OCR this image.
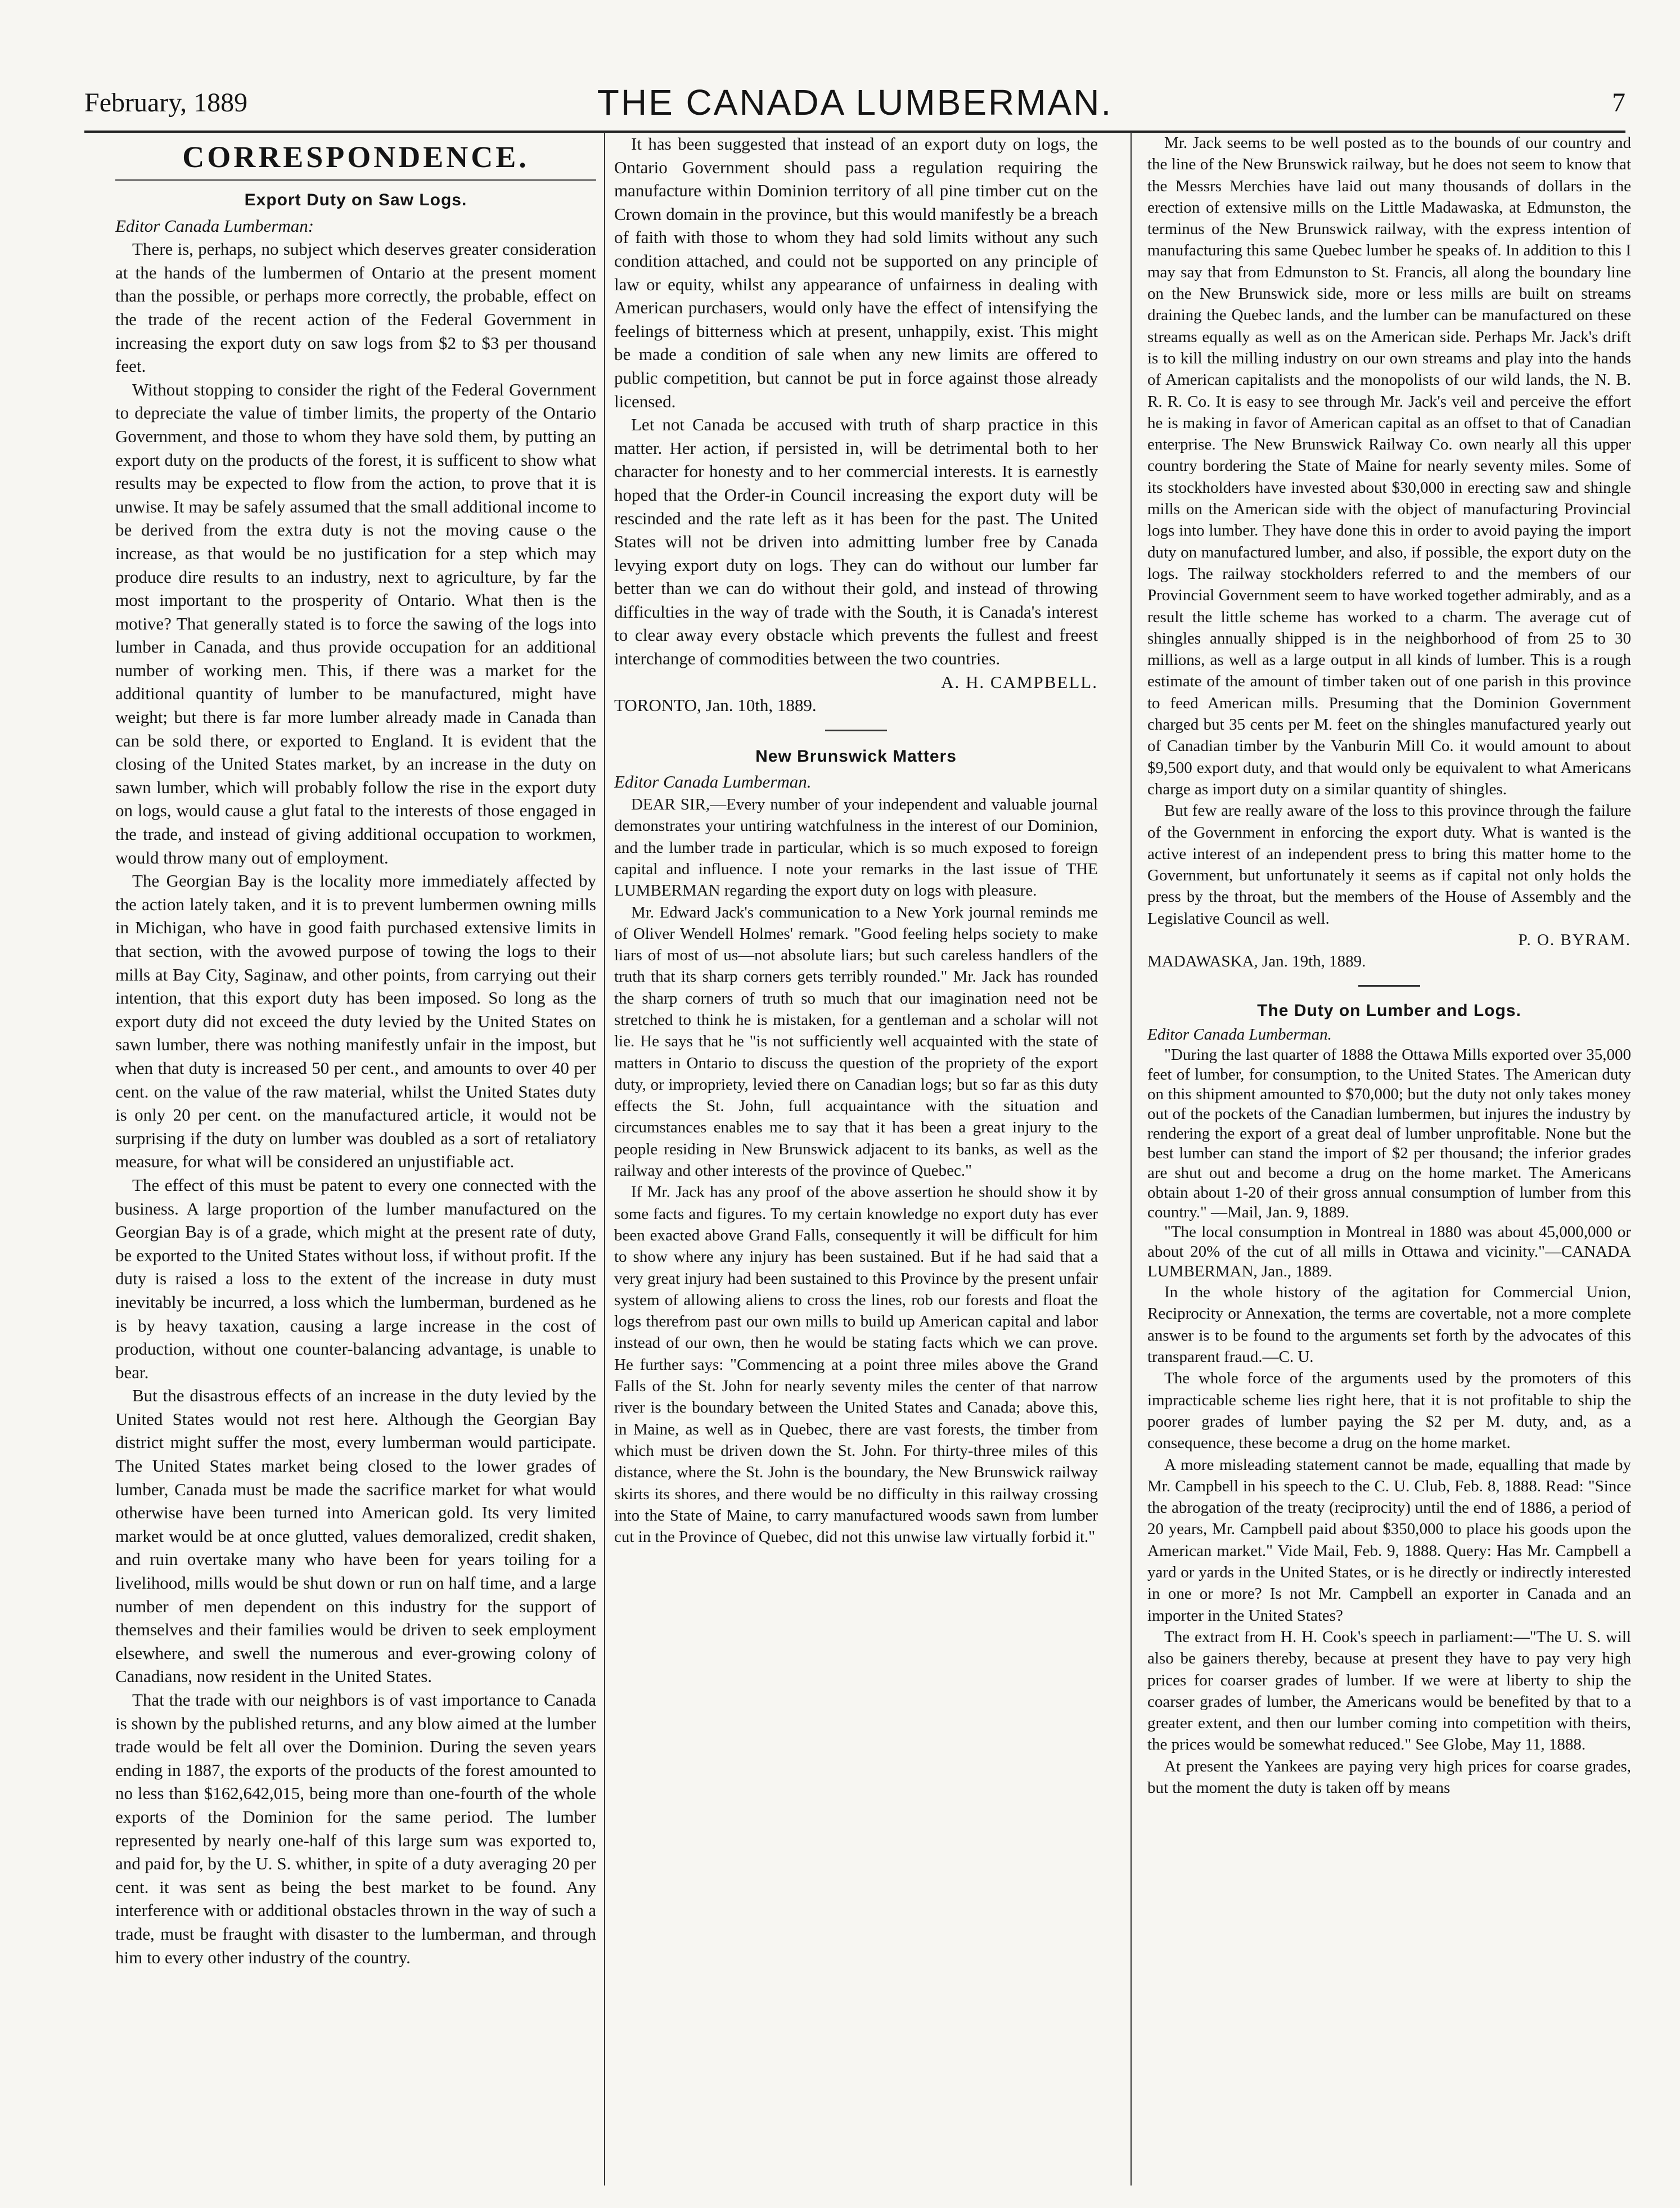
February, 1889	THE CANADA LUMBERMAN.	7
CORRESPONDENCE.
Export Duty on Saw Logs.

Editor Canada Lumberman:

There is, perhaps, no subject which deserves greater consideration at the hands of the lumbermen of Ontario at the present moment than the possible, or perhaps more correctly, the probable, effect on the trade of the recent action of the Federal Government in increasing the export duty on saw logs from $2 to $3 per thousand feet.

Without stopping to consider the right of the Federal Government to depreciate the value of timber limits, the property of the Ontario Government, and those to whom they have sold them, by putting an export duty on the products of the forest, it is sufficent to show what results may be expected to flow from the action, to prove that it is unwise. It may be safely assumed that the small additional income to be derived from the extra duty is not the moving cause o the increase, as that would be no justification for a step which may produce dire results to an industry, next to agriculture, by far the most important to the prosperity of Ontario. What then is the motive? That generally stated is to force the sawing of the logs into lumber in Canada, and thus provide occupation for an additional number of working men. This, if there was a market for the additional quantity of lumber to be manufactured, might have weight; but there is far more lumber already made in Canada than can be sold there, or exported to England. It is evident that the closing of the United States market, by an increase in the duty on sawn lumber, which will probably follow the rise in the export duty on logs, would cause a glut fatal to the interests of those engaged in the trade, and instead of giving additional occupation to workmen, would throw many out of employment.

The Georgian Bay is the locality more immediately affected by the action lately taken, and it is to prevent lumbermen owning mills in Michigan, who have in good faith purchased extensive limits in that section, with the avowed purpose of towing the logs to their mills at Bay City, Saginaw, and other points, from carrying out their intention, that this export duty has been imposed. So long as the export duty did not exceed the duty levied by the United States on sawn lumber, there was nothing manifestly unfair in the impost, but when that duty is increased 50 per cent., and amounts to over 40 per cent. on the value of the raw material, whilst the United States duty is only 20 per cent. on the manufactured article, it would not be surprising if the duty on lumber was doubled as a sort of retaliatory measure, for what will be considered an unjustifiable act.

The effect of this must be patent to every one connected with the business. A large proportion of the lumber manufactured on the Georgian Bay is of a grade, which might at the present rate of duty, be exported to the United States without loss, if without profit. If the duty is raised a loss to the extent of the increase in duty must inevitably be incurred, a loss which the lumberman, burdened as he is by heavy taxation, causing a large increase in the cost of production, without one counter-balancing advantage, is unable to bear.

But the disastrous effects of an increase in the duty levied by the United States would not rest here. Although the Georgian Bay district might suffer the most, every lumberman would participate. The United States market being closed to the lower grades of lumber, Canada must be made the sacrifice market for what would otherwise have been turned into American gold. Its very limited market would be at once glutted, values demoralized, credit shaken, and ruin overtake many who have been for years toiling for a livelihood, mills would be shut down or run on half time, and a large number of men dependent on this industry for the support of themselves and their families would be driven to seek employment elsewhere, and swell the numerous and ever-growing colony of Canadians, now resident in the United States.

That the trade with our neighbors is of vast importance to Canada is shown by the published returns, and any blow aimed at the lumber trade would be felt all over the Dominion. During the seven years ending in 1887, the exports of the products of the forest amounted to no less than $162,642,015, being more than one-fourth of the whole exports of the Dominion for the same period. The lumber represented by nearly one-half of this large sum was exported to, and paid for, by the U. S. whither, in spite of a duty averaging 20 per cent. it was sent as being the best market to be found. Any interference with or additional obstacles thrown in the way of such a trade, must be fraught with disaster to the lumberman, and through him to every other industry of the country.

It has been suggested that instead of an export duty on logs, the Ontario Government should pass a regulation requiring the manufacture within Dominion territory of all pine timber cut on the Crown domain in the province, but this would manifestly be a breach of faith with those to whom they had sold limits without any such condition attached, and could not be supported on any principle of law or equity, whilst any appearance of unfairness in dealing with American purchasers, would only have the effect of intensifying the feelings of bitterness which at present, unhappily, exist. This might be made a condition of sale when any new limits are offered to public competition, but cannot be put in force against those already licensed.

Let not Canada be accused with truth of sharp practice in this matter. Her action, if persisted in, will be detrimental both to her character for honesty and to her commercial interests. It is earnestly hoped that the Order-in Council increasing the export duty will be rescinded and the rate left as it has been for the past. The United States will not be driven into admitting lumber free by Canada levying export duty on logs. They can do without our lumber far better than we can do without their gold, and instead of throwing difficulties in the way of trade with the South, it is Canada's interest to clear away every obstacle which prevents the fullest and freest interchange of commodities between the two countries.

A. H. CAMPBELL.

TORONTO, Jan. 10th, 1889.

New Brunswick Matters

Editor Canada Lumberman.

DEAR SIR,—Every number of your independent and valuable journal demonstrates your untiring watchfulness in the interest of our Dominion, and the lumber trade in particular, which is so much exposed to foreign capital and influence. I note your remarks in the last issue of THE LUMBERMAN regarding the export duty on logs with pleasure.

Mr. Edward Jack's communication to a New York journal reminds me of Oliver Wendell Holmes' remark. "Good feeling helps society to make liars of most of us—not absolute liars; but such careless handlers of the truth that its sharp corners gets terribly rounded." Mr. Jack has rounded the sharp corners of truth so much that our imagination need not be stretched to think he is mistaken, for a gentleman and a scholar will not lie. He says that he "is not sufficiently well acquainted with the state of matters in Ontario to discuss the question of the propriety of the export duty, or impropriety, levied there on Canadian logs; but so far as this duty effects the St. John, full acquaintance with the situation and circumstances enables me to say that it has been a great injury to the people residing in New Brunswick adjacent to its banks, as well as the railway and other interests of the province of Quebec."

If Mr. Jack has any proof of the above assertion he should show it by some facts and figures. To my certain knowledge no export duty has ever been exacted above Grand Falls, consequently it will be difficult for him to show where any injury has been sustained. But if he had said that a very great injury had been sustained to this Province by the present unfair system of allowing aliens to cross the lines, rob our forests and float the logs therefrom past our own mills to build up American capital and labor instead of our own, then he would be stating facts which we can prove. He further says: "Commencing at a point three miles above the Grand Falls of the St. John for nearly seventy miles the center of that narrow river is the boundary between the United States and Canada; above this, in Maine, as well as in Quebec, there are vast forests, the timber from which must be driven down the St. John. For thirty-three miles of this distance, where the St. John is the boundary, the New Brunswick railway skirts its shores, and there would be no difficulty in this railway crossing into the State of Maine, to carry manufactured woods sawn from lumber cut in the Province of Quebec, did not this unwise law virtually forbid it."

Mr. Jack seems to be well posted as to the bounds of our country and the line of the New Brunswick railway, but he does not seem to know that the Messrs Merchies have laid out many thousands of dollars in the erection of extensive mills on the Little Madawaska, at Edmunston, the terminus of the New Brunswick railway, with the express intention of manufacturing this same Quebec lumber he speaks of. In addition to this I may say that from Edmunston to St. Francis, all along the boundary line on the New Brunswick side, more or less mills are built on streams draining the Quebec lands, and the lumber can be manufactured on these streams equally as well as on the American side. Perhaps Mr. Jack's drift is to kill the milling industry on our own streams and play into the hands of American capitalists and the monopolists of our wild lands, the N. B. R. R. Co. It is easy to see through Mr. Jack's veil and perceive the effort he is making in favor of American capital as an offset to that of Canadian enterprise. The New Brunswick Railway Co. own nearly all this upper country bordering the State of Maine for nearly seventy miles. Some of its stockholders have invested about $30,000 in erecting saw and shingle mills on the American side with the object of manufacturing Provincial logs into lumber. They have done this in order to avoid paying the import duty on manufactured lumber, and also, if possible, the export duty on the logs. The railway stockholders referred to and the members of our Provincial Government seem to have worked together admirably, and as a result the little scheme has worked to a charm. The average cut of shingles annually shipped is in the neighborhood of from 25 to 30 millions, as well as a large output in all kinds of lumber. This is a rough estimate of the amount of timber taken out of one parish in this province to feed American mills. Presuming that the Dominion Government charged but 35 cents per M. feet on the shingles manufactured yearly out of Canadian timber by the Vanburin Mill Co. it would amount to about $9,500 export duty, and that would only be equivalent to what Americans charge as import duty on a similar quantity of shingles.

But few are really aware of the loss to this province through the failure of the Government in enforcing the export duty. What is wanted is the active interest of an independent press to bring this matter home to the Government, but unfortunately it seems as if capital not only holds the press by the throat, but the members of the House of Assembly and the Legislative Council as well.

P. O. BYRAM.

MADAWASKA, Jan. 19th, 1889.

The Duty on Lumber and Logs.

Editor Canada Lumberman.

"During the last quarter of 1888 the Ottawa Mills exported over 35,000 feet of lumber, for consumption, to the United States. The American duty on this shipment amounted to $70,000; but the duty not only takes money out of the pockets of the Canadian lumbermen, but injures the industry by rendering the export of a great deal of lumber unprofitable. None but the best lumber can stand the import of $2 per thousand; the inferior grades are shut out and become a drug on the home market. The Americans obtain about 1-20 of their gross annual consumption of lumber from this country." —Mail, Jan. 9, 1889.

"The local consumption in Montreal in 1880 was about 45,000,000 or about 20% of the cut of all mills in Ottawa and vicinity."—CANADA LUMBERMAN, Jan., 1889.

In the whole history of the agitation for Commercial Union, Reciprocity or Annexation, the terms are covertable, not a more complete answer is to be found to the arguments set forth by the advocates of this transparent fraud.—C. U.

The whole force of the arguments used by the promoters of this impracticable scheme lies right here, that it is not profitable to ship the poorer grades of lumber paying the $2 per M. duty, and, as a consequence, these become a drug on the home market.

A more misleading statement cannot be made, equalling that made by Mr. Campbell in his speech to the C. U. Club, Feb. 8, 1888. Read: "Since the abrogation of the treaty (reciprocity) until the end of 1886, a period of 20 years, Mr. Campbell paid about $350,000 to place his goods upon the American market." Vide Mail, Feb. 9, 1888. Query: Has Mr. Campbell a yard or yards in the United States, or is he directly or indirectly interested in one or more? Is not Mr. Campbell an exporter in Canada and an importer in the United States?

The extract from H. H. Cook's speech in parliament:—"The U. S. will also be gainers thereby, because at present they have to pay very high prices for coarser grades of lumber. If we were at liberty to ship the coarser grades of lumber, the Americans would be benefited by that to a greater extent, and then our lumber coming into competition with theirs, the prices would be somewhat reduced." See Globe, May 11, 1888.

At present the Yankees are paying very high prices for coarse grades, but the moment the duty is taken off by means
